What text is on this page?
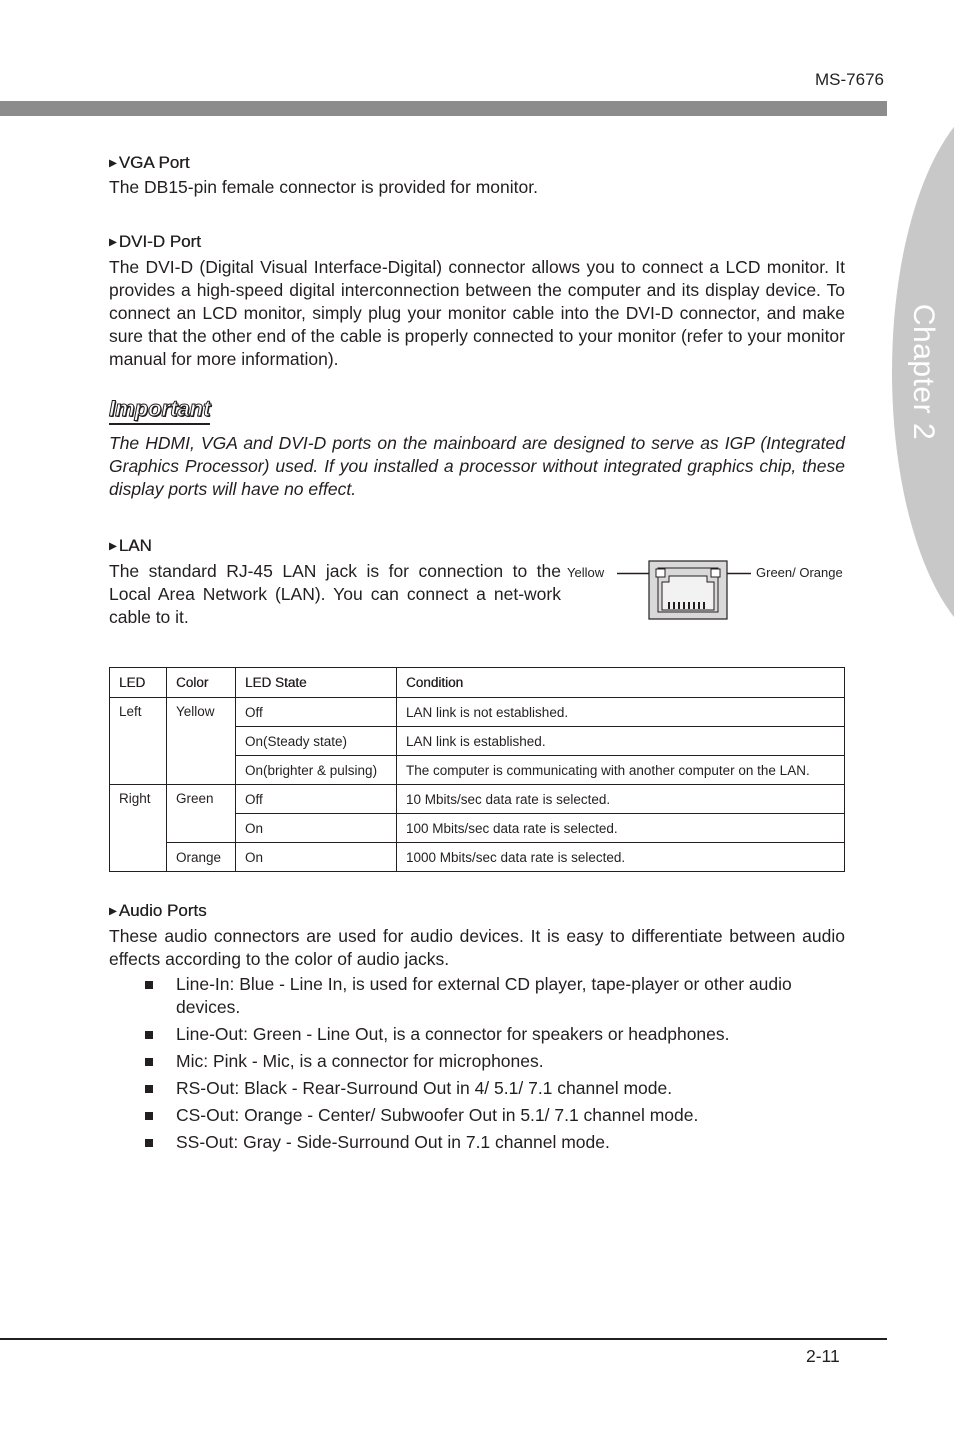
MS-7676
Chapter 2
▶ VGA Port
The DB15-pin female connector is provided for monitor.
▶ DVI-D Port
The DVI-D (Digital Visual Interface-Digital) connector allows you to connect a LCD monitor. It provides a high-speed digital interconnection between the computer and its display device. To connect an LCD monitor, simply plug your monitor cable into the DVI-D connector, and make sure that the other end of the cable is properly connected to your monitor (refer to your monitor manual for more information).
Important
The HDMI, VGA and DVI-D ports on the mainboard are designed to serve as IGP (Integrated Graphics Processor) used. If you installed a processor without integrated graphics chip, these display ports will have no effect.
▶ LAN
The standard RJ-45 LAN jack is for connection to the Local Area Network (LAN). You can connect a net-work cable to it.
Yellow	Green/ Orange
LED	Color	LED State	Condition
Left	Yellow	Off	LAN link is not established.
		On(Steady state)	LAN link is established.
		On(brighter & pulsing)	The computer is communicating with another computer on the LAN.
Right	Green	Off	10 Mbits/sec data rate is selected.
		On	100 Mbits/sec data rate is selected.
	Orange	On	1000 Mbits/sec data rate is selected.
▶ Audio Ports
These audio connectors are used for audio devices. It is easy to differentiate between audio effects according to the color of audio jacks.
Line-In: Blue - Line In, is used for external CD player, tape-player or other audio devices.
Line-Out: Green - Line Out, is a connector for speakers or headphones.
Mic: Pink - Mic, is a connector for microphones.
RS-Out: Black - Rear-Surround Out in 4/ 5.1/ 7.1 channel mode.
CS-Out: Orange - Center/ Subwoofer Out in 5.1/ 7.1 channel mode.
SS-Out: Gray - Side-Surround Out in 7.1 channel mode.
2-11
